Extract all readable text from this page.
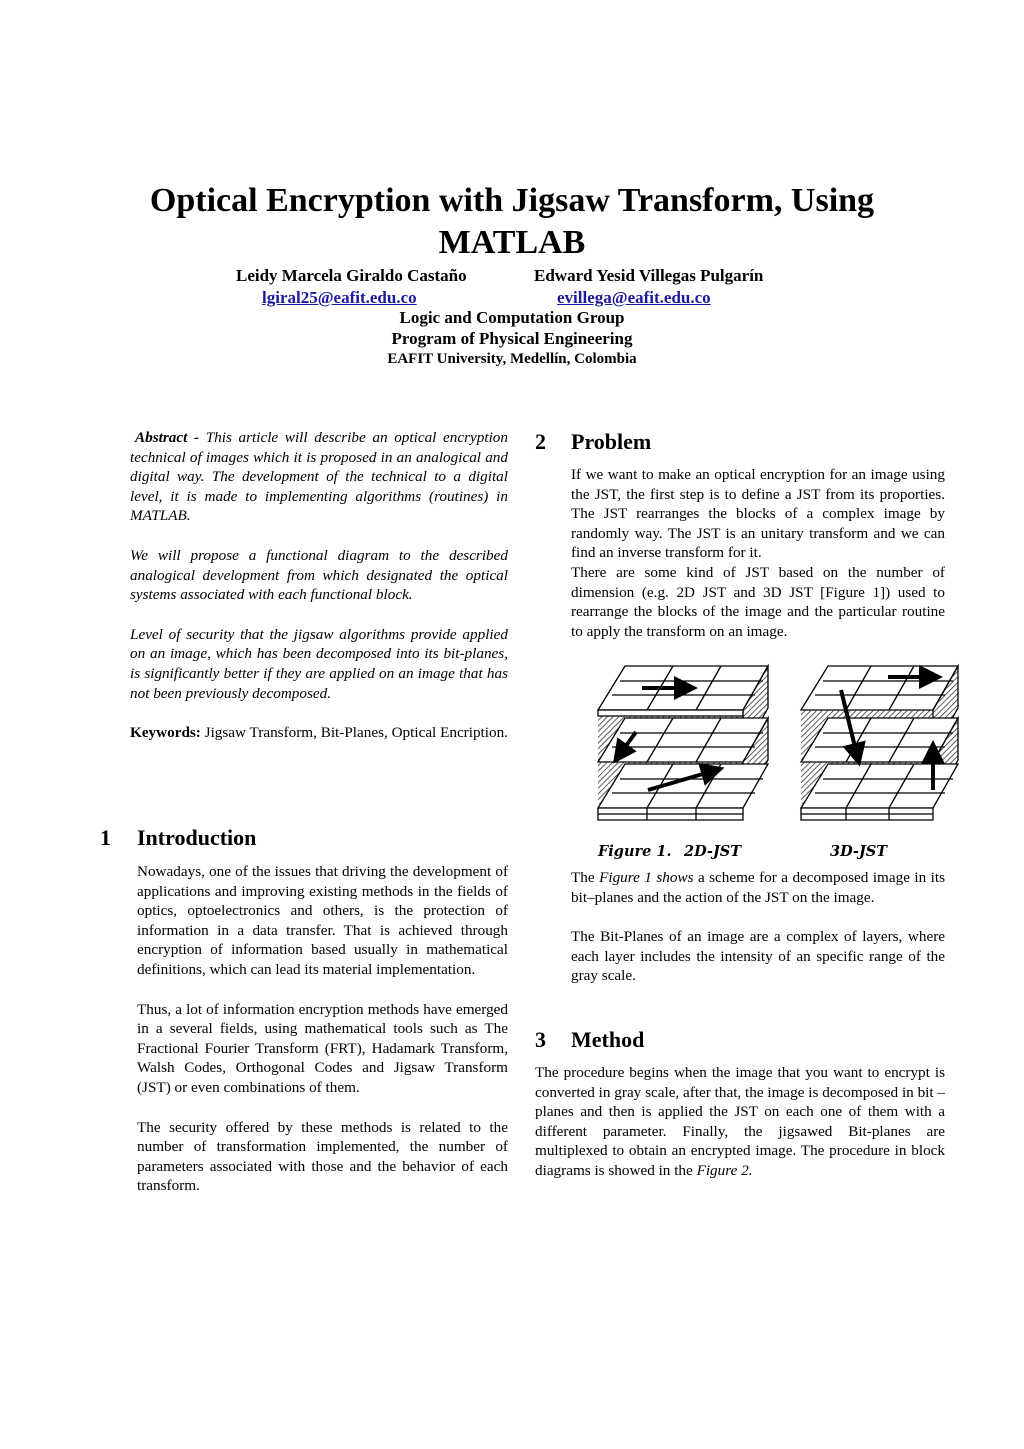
Optical Encryption with Jigsaw Transform, Using MATLAB
Leidy Marcela Giraldo Castaño	Edward Yesid Villegas Pulgarín
lgiral25@eafit.edu.co	evillega@eafit.edu.co
Logic and Computation Group
Program of Physical Engineering
EAFIT University, Medellín, Colombia

Abstract - This article will describe an optical encryption technical of images which it is proposed in an analogical and digital way. The development of the technical to a digital level, it is made to implementing algorithms (routines) in MATLAB.

We will propose a functional diagram to the described analogical development from which designated the optical systems associated with each functional block.

Level of security that the jigsaw algorithms provide applied on an image, which has been decomposed into its bit-planes, is significantly better if they are applied on an image that has not been previously decomposed.

Keywords: Jigsaw Transform, Bit-Planes, Optical Encription.

1 Introduction

Nowadays, one of the issues that driving the development of applications and improving existing methods in the fields of optics, optoelectronics and others, is the protection of information in a data transfer. That is achieved through encryption of information based usually in mathematical definitions, which can lead its material implementation.

Thus, a lot of information encryption methods have emerged in a several fields, using mathematical tools such as The Fractional Fourier Transform (FRT), Hadamark Transform, Walsh Codes, Orthogonal Codes and Jigsaw Transform (JST) or even combinations of them.

The security offered by these methods is related to the number of transformation implemented, the number of parameters associated with those and the behavior of each transform.

2 Problem

If we want to make an optical encryption for an image using the JST, the first step is to define a JST from its proporties. The JST rearranges the blocks of a complex image by randomly way. The JST is an unitary transform and we can find an inverse transform for it.

There are some kind of JST based on the number of dimension (e.g. 2D JST and 3D JST [Figure 1]) used to rearrange the blocks of the image and the particular routine to apply the transform on an image.

Figure 1. 2D-JST	3D-JST

The Figure 1 shows a scheme for a decomposed image in its bit–planes and the action of the JST on the image.

The Bit-Planes of an image are a complex of layers, where each layer includes the intensity of an specific range of the gray scale.

3 Method

The procedure begins when the image that you want to encrypt is converted in gray scale, after that, the image is decomposed in bit – planes and then is applied the JST on each one of them with a different parameter. Finally, the jigsawed Bit-planes are multiplexed to obtain an encrypted image. The procedure in block diagrams is showed in the Figure 2.
